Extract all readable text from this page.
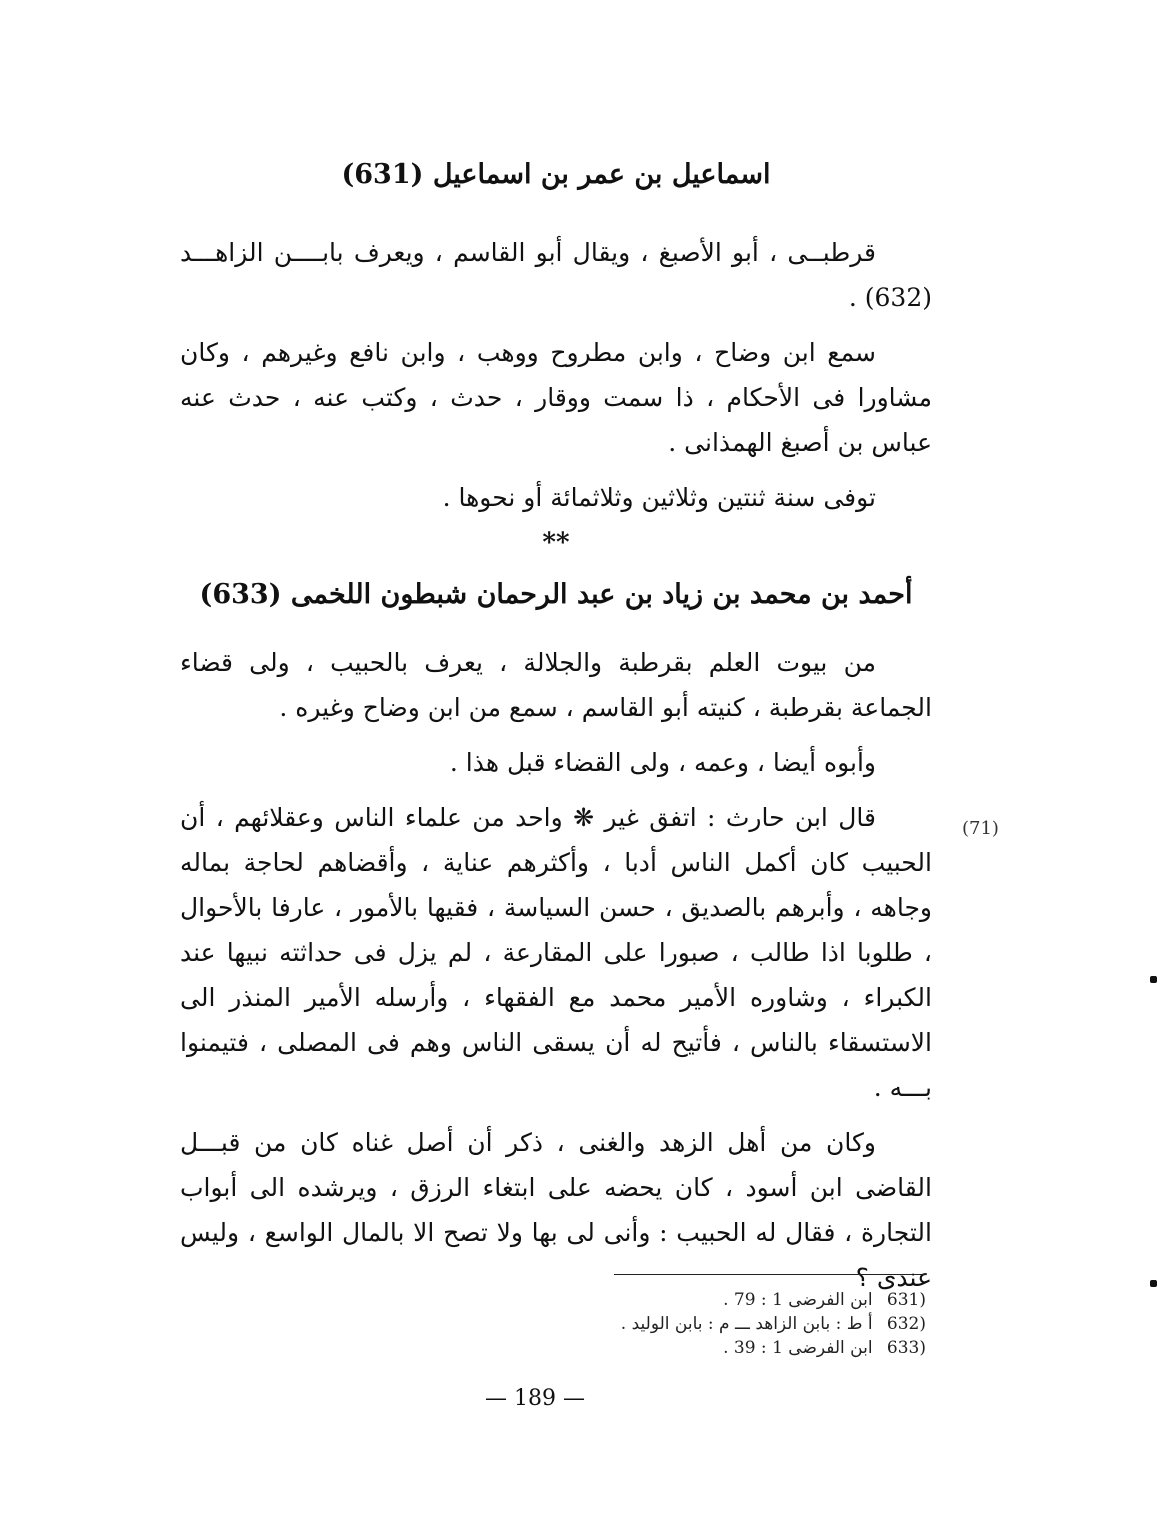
اسماعيل بن عمر بن اسماعيل (631)

قرطبــى ، أبو الأصبغ ، ويقال أبو القاسم ، ويعرف بابــــن الزاهـــد (632) .

سمع ابن وضاح ، وابن مطروح ووهب ، وابن نافع وغيرهم ، وكان مشاورا فى الأحكام ، ذا سمت ووقار ، حدث ، وكتب عنه ، حدث عنه عباس بن أصبغ الهمذانى .

توفى سنة ثنتين وثلاثين وثلاثمائة أو نحوها .

**
أحمد بن محمد بن زياد بن عبد الرحمان شبطون اللخمى (633)

من بيوت العلم بقرطبة والجلالة ، يعرف بالحبيب ، ولى قضاء الجماعة بقرطبة ، كنيته أبو القاسم ، سمع من ابن وضاح وغيره .

وأبوه أيضا ، وعمه ، ولى القضاء قبل هذا .

قال ابن حارث : اتفق غير ❋ واحد من علماء الناس وعقلائهم ، أن الحبيب كان أكمل الناس أدبا ، وأكثرهم عناية ، وأقضاهم لحاجة بماله وجاهه ، وأبرهم بالصديق ، حسن السياسة ، فقيها بالأمور ، عارفا بالأحوال ، طلوبا اذا طالب ، صبورا على المقارعة ، لم يزل فى حداثته نبيها عند الكبراء ، وشاوره الأمير محمد مع الفقهاء ، وأرسله الأمير المنذر الى الاستسقاء بالناس ، فأتيح له أن يسقى الناس وهم فى المصلى ، فتيمنوا بـــه .

وكان من أهل الزهد والغنى ، ذكر أن أصل غناه كان من قبـــل القاضى ابن أسود ، كان يحضه على ابتغاء الرزق ، ويرشده الى أبواب التجارة ، فقال له الحبيب : وأنى لى بها ولا تصح الا بالمال الواسع ، وليس عندى ؟

(71)
(631 ابن الفرضى 1 : 79 .
(632 أ ط : بابن الزاهد ـــ م : بابن الوليد .
(633 ابن الفرضى 1 : 39 .
— 189 —
